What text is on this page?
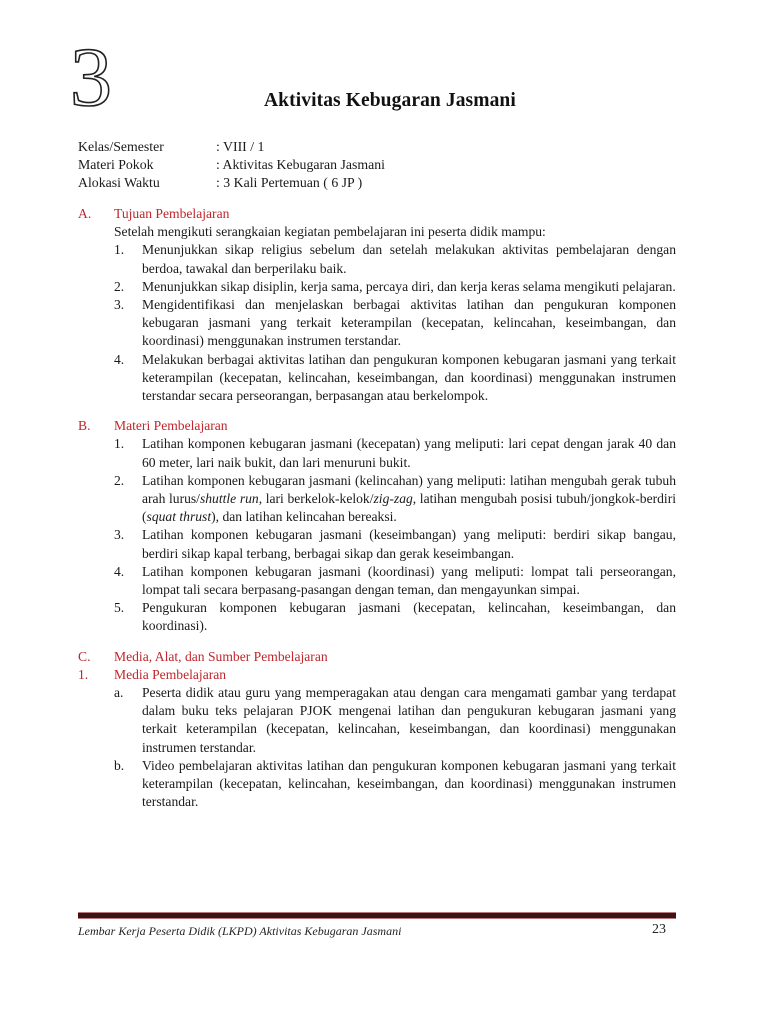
3	Aktivitas Kebugaran Jasmani
Kelas/Semester	: VIII / 1
Materi Pokok	: Aktivitas Kebugaran Jasmani
Alokasi Waktu	: 3 Kali Pertemuan ( 6 JP )
A.	Tujuan Pembelajaran
Setelah mengikuti serangkaian kegiatan pembelajaran ini peserta didik mampu:
1.	Menunjukkan sikap religius sebelum dan setelah melakukan aktivitas pembelajaran dengan berdoa, tawakal dan berperilaku baik.
2.	Menunjukkan sikap disiplin, kerja sama, percaya diri, dan kerja keras selama mengikuti pelajaran.
3.	Mengidentifikasi dan menjelaskan berbagai aktivitas latihan dan pengukuran komponen kebugaran jasmani yang terkait keterampilan (kecepatan, kelincahan, keseimbangan, dan koordinasi) menggunakan instrumen terstandar.
4.	Melakukan berbagai aktivitas latihan dan pengukuran komponen kebugaran jasmani yang terkait keterampilan (kecepatan, kelincahan, keseimbangan, dan koordinasi) menggunakan instrumen terstandar secara perseorangan, berpasangan atau berkelompok.
B.	Materi Pembelajaran
1.	Latihan komponen kebugaran jasmani (kecepatan) yang meliputi: lari cepat dengan jarak 40 dan 60 meter, lari naik bukit, dan lari menuruni bukit.
2.	Latihan komponen kebugaran jasmani (kelincahan) yang meliputi: latihan mengubah gerak tubuh arah lurus/shuttle run, lari berkelok-kelok/zig-zag, latihan mengubah posisi tubuh/jongkok-berdiri (squat thrust), dan latihan kelincahan bereaksi.
3.	Latihan komponen kebugaran jasmani (keseimbangan) yang meliputi: berdiri sikap bangau, berdiri sikap kapal terbang, berbagai sikap dan gerak keseimbangan.
4.	Latihan komponen kebugaran jasmani (koordinasi) yang meliputi: lompat tali perseorangan, lompat tali secara berpasang-pasangan dengan teman, dan mengayunkan simpai.
5.	Pengukuran komponen kebugaran jasmani (kecepatan, kelincahan, keseimbangan, dan koordinasi).
C.	Media, Alat, dan Sumber Pembelajaran
1.	Media Pembelajaran
a.	Peserta didik atau guru yang memperagakan atau dengan cara mengamati gambar yang terdapat dalam buku teks pelajaran PJOK mengenai latihan dan pengukuran kebugaran jasmani yang terkait keterampilan (kecepatan, kelincahan, keseimbangan, dan koordinasi) menggunakan instrumen terstandar.
b.	Video pembelajaran aktivitas latihan dan pengukuran komponen kebugaran jasmani yang terkait keterampilan (kecepatan, kelincahan, keseimbangan, dan koordinasi) menggunakan instrumen terstandar.
Lembar Kerja Peserta Didik (LKPD) Aktivitas Kebugaran Jasmani	23
